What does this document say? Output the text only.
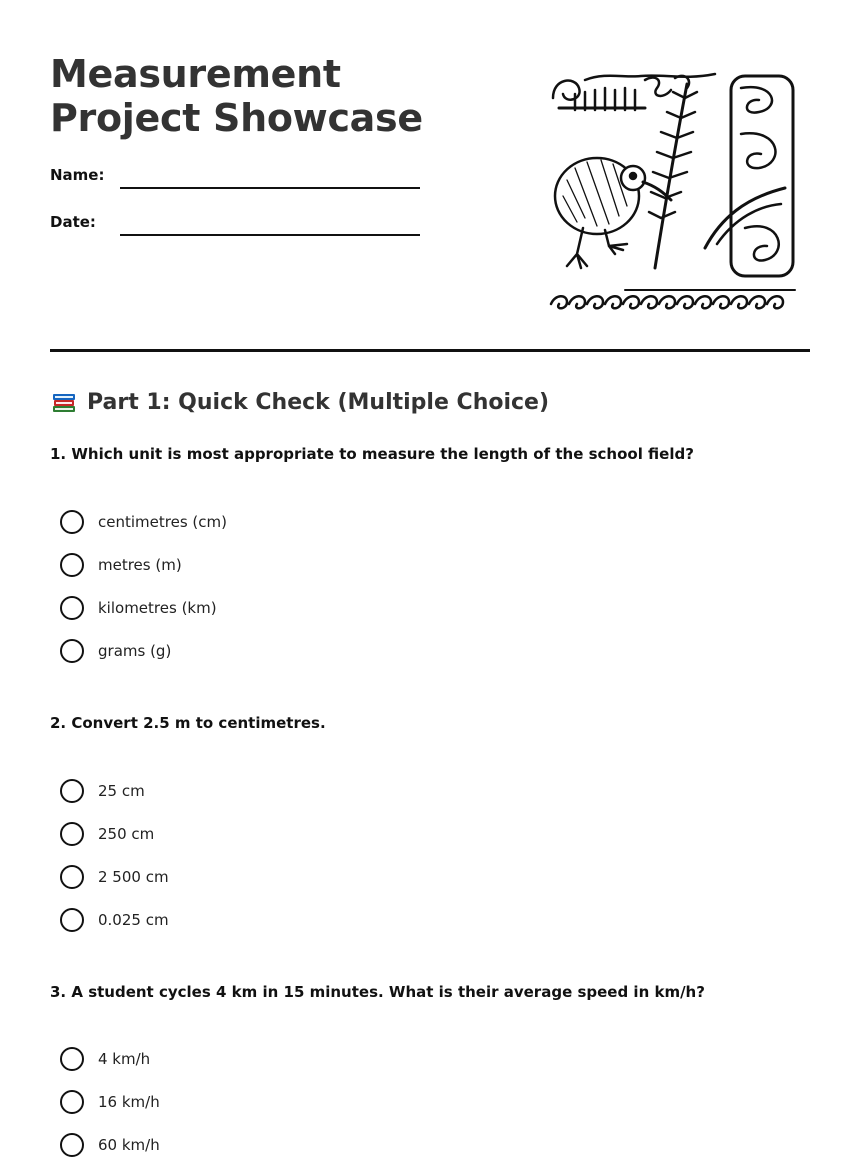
Measurement Project Showcase
Name:
Date:
Part 1: Quick Check (Multiple Choice)

1. Which unit is most appropriate to measure the length of the school field?

centimetres (cm)
metres (m)
kilometres (km)
grams (g)

2. Convert 2.5 m to centimetres.

25 cm
250 cm
2 500 cm
0.025 cm

3. A student cycles 4 km in 15 minutes. What is their average speed in km/h?

4 km/h
16 km/h
60 km/h
